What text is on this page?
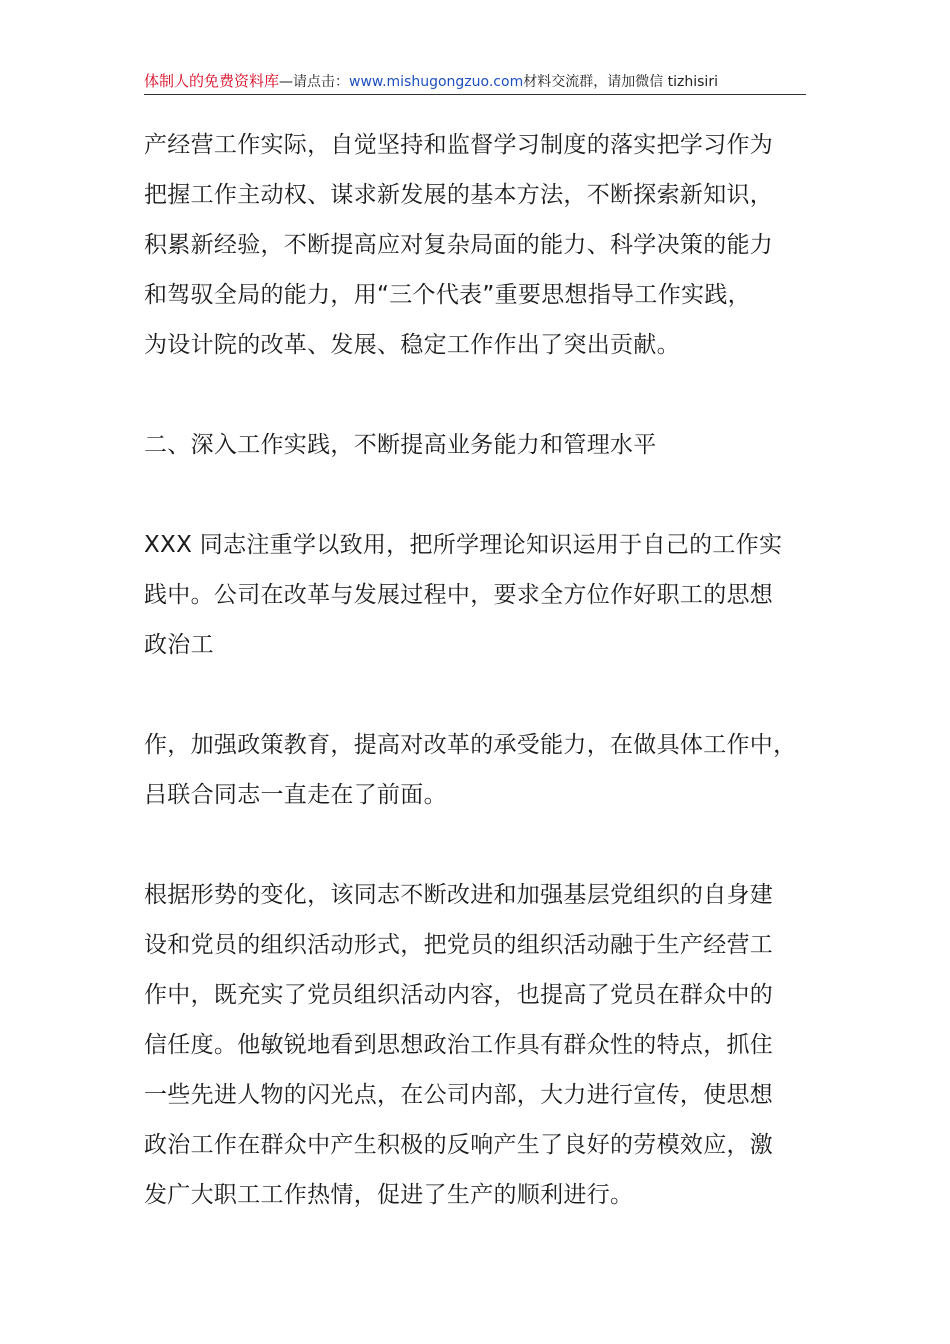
体制人的免费资料库—请点击：www.mishugongzuo.com材料交流群，请加微信 tizhisiri
产经营工作实际，自觉坚持和监督学习制度的落实把学习作为
把握工作主动权、谋求新发展的基本方法，不断探索新知识，
积累新经验，不断提高应对复杂局面的能力、科学决策的能力
和驾驭全局的能力，用“三个代表”重要思想指导工作实践，
为设计院的改革、发展、稳定工作作出了突出贡献。
二、深入工作实践，不断提高业务能力和管理水平
XXX 同志注重学以致用，把所学理论知识运用于自己的工作实
践中。公司在改革与发展过程中，要求全方位作好职工的思想
政治工
作，加强政策教育，提高对改革的承受能力，在做具体工作中，
吕联合同志一直走在了前面。
根据形势的变化，该同志不断改进和加强基层党组织的自身建
设和党员的组织活动形式，把党员的组织活动融于生产经营工
作中，既充实了党员组织活动内容，也提高了党员在群众中的
信任度。他敏锐地看到思想政治工作具有群众性的特点，抓住
一些先进人物的闪光点，在公司内部，大力进行宣传，使思想
政治工作在群众中产生积极的反响产生了良好的劳模效应，激
发广大职工工作热情，促进了生产的顺利进行。
